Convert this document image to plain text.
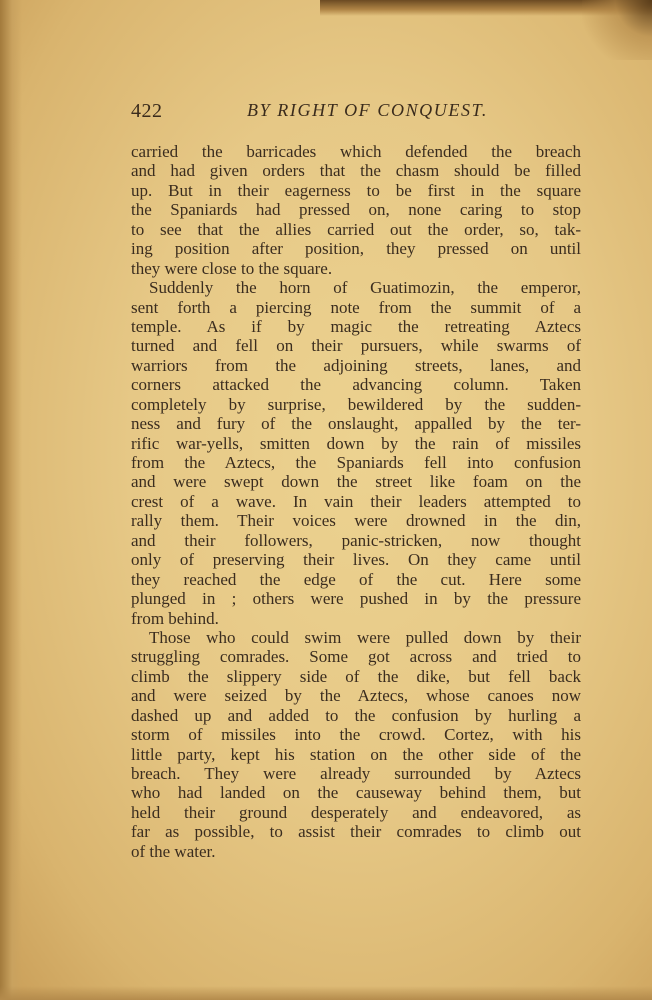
422	BY RIGHT OF CONQUEST.
carried the barricades which defended the breach
and had given orders that the chasm should be filled
up. But in their eagerness to be first in the square
the Spaniards had pressed on, none caring to stop
to see that the allies carried out the order, so, tak-
ing position after position, they pressed on until
they were close to the square.
Suddenly the horn of Guatimozin, the emperor,
sent forth a piercing note from the summit of a
temple. As if by magic the retreating Aztecs
turned and fell on their pursuers, while swarms of
warriors from the adjoining streets, lanes, and
corners attacked the advancing column. Taken
completely by surprise, bewildered by the sudden-
ness and fury of the onslaught, appalled by the ter-
rific war-yells, smitten down by the rain of missiles
from the Aztecs, the Spaniards fell into confusion
and were swept down the street like foam on the
crest of a wave. In vain their leaders attempted to
rally them. Their voices were drowned in the din,
and their followers, panic-stricken, now thought
only of preserving their lives. On they came until
they reached the edge of the cut. Here some
plunged in ; others were pushed in by the pressure
from behind.
Those who could swim were pulled down by their
struggling comrades. Some got across and tried to
climb the slippery side of the dike, but fell back
and were seized by the Aztecs, whose canoes now
dashed up and added to the confusion by hurling a
storm of missiles into the crowd. Cortez, with his
little party, kept his station on the other side of the
breach. They were already surrounded by Aztecs
who had landed on the causeway behind them, but
held their ground desperately and endeavored, as
far as possible, to assist their comrades to climb out
of the water.
